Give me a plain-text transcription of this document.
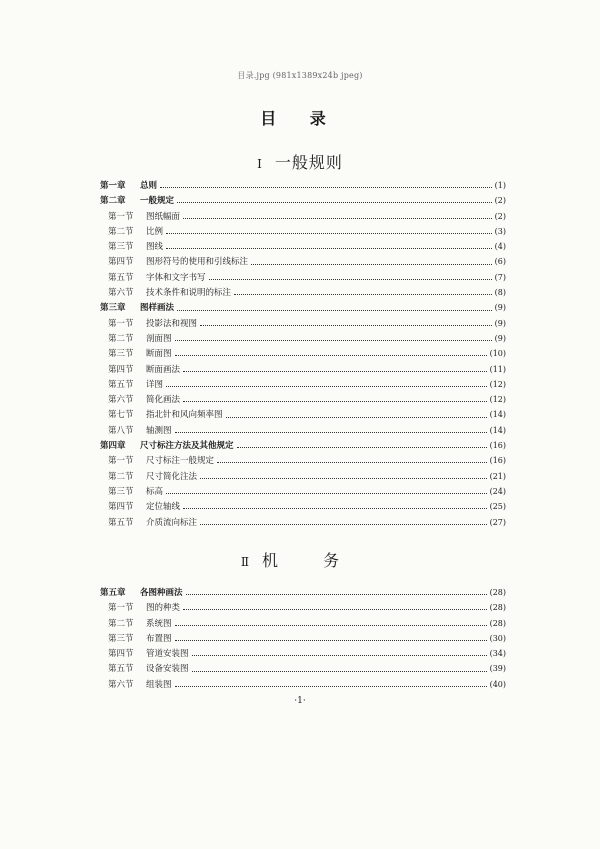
目录.jpg (981x1389x24b jpeg)
目 录
I 一般规则
第一章	总则	(1)
第二章	一般规定	(2)
第一节	图纸幅面	(2)
第二节	比例	(3)
第三节	图线	(4)
第四节	图形符号的使用和引线标注	(6)
第五节	字体和文字书写	(7)
第六节	技术条件和说明的标注	(8)
第三章	图样画法	(9)
第一节	投影法和视图	(9)
第二节	剖面图	(9)
第三节	断面图	(10)
第四节	断面画法	(11)
第五节	详图	(12)
第六节	简化画法	(12)
第七节	指北针和风向频率图	(14)
第八节	轴测图	(14)
第四章	尺寸标注方法及其他规定	(16)
第一节	尺寸标注一般规定	(16)
第二节	尺寸简化注法	(21)
第三节	标高	(24)
第四节	定位轴线	(25)
第五节	介质流向标注	(27)
Ⅱ 机 务
第五章	各图种画法	(28)
第一节	图的种类	(28)
第二节	系统图	(28)
第三节	布置图	(30)
第四节	管道安装图	(34)
第五节	设备安装图	(39)
第六节	组装图	(40)
·1·
